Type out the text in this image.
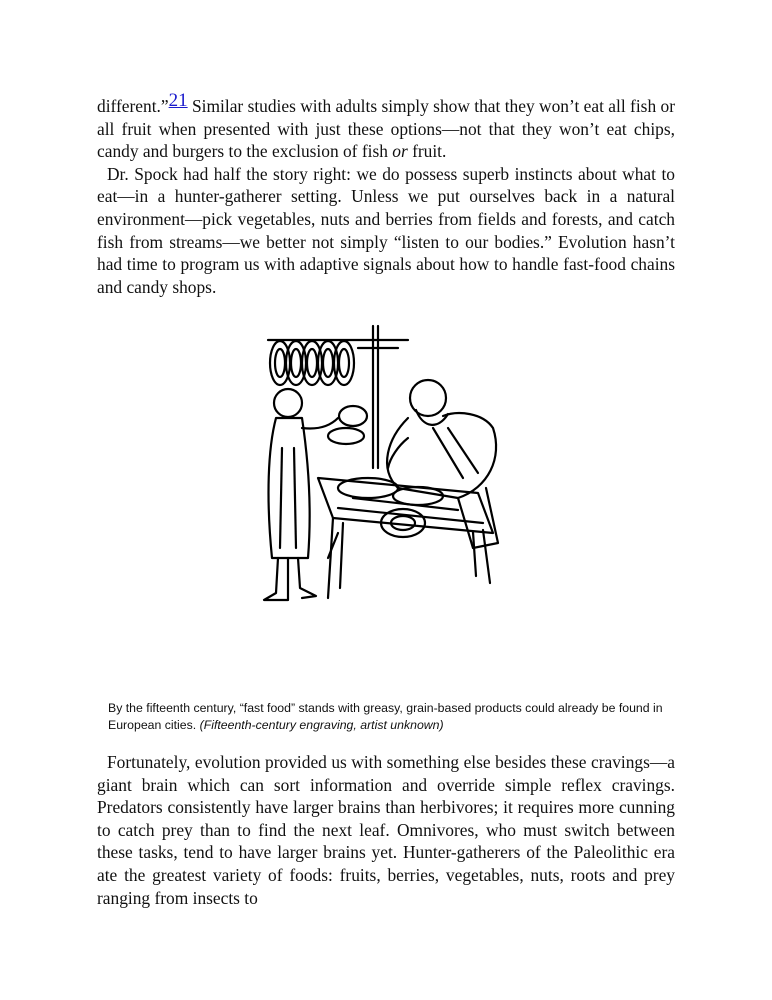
different.”21 Similar studies with adults simply show that they won’t eat all fish or all fruit when presented with just these options—not that they won’t eat chips, candy and burgers to the exclusion of fish or fruit.

Dr. Spock had half the story right: we do possess superb instincts about what to eat—in a hunter-gatherer setting. Unless we put ourselves back in a natural environment—pick vegetables, nuts and berries from fields and forests, and catch fish from streams—we better not simply “listen to our bodies.” Evolution hasn’t had time to program us with adaptive signals about how to handle fast-food chains and candy shops.

By the fifteenth century, “fast food” stands with greasy, grain-based products could already be found in European cities. (Fifteenth-century engraving, artist unknown)

Fortunately, evolution provided us with something else besides these cravings—a giant brain which can sort information and override simple reflex cravings. Predators consistently have larger brains than herbivores; it requires more cunning to catch prey than to find the next leaf. Omnivores, who must switch between these tasks, tend to have larger brains yet. Hunter-gatherers of the Paleolithic era ate the greatest variety of foods: fruits, berries, vegetables, nuts, roots and prey ranging from insects to
